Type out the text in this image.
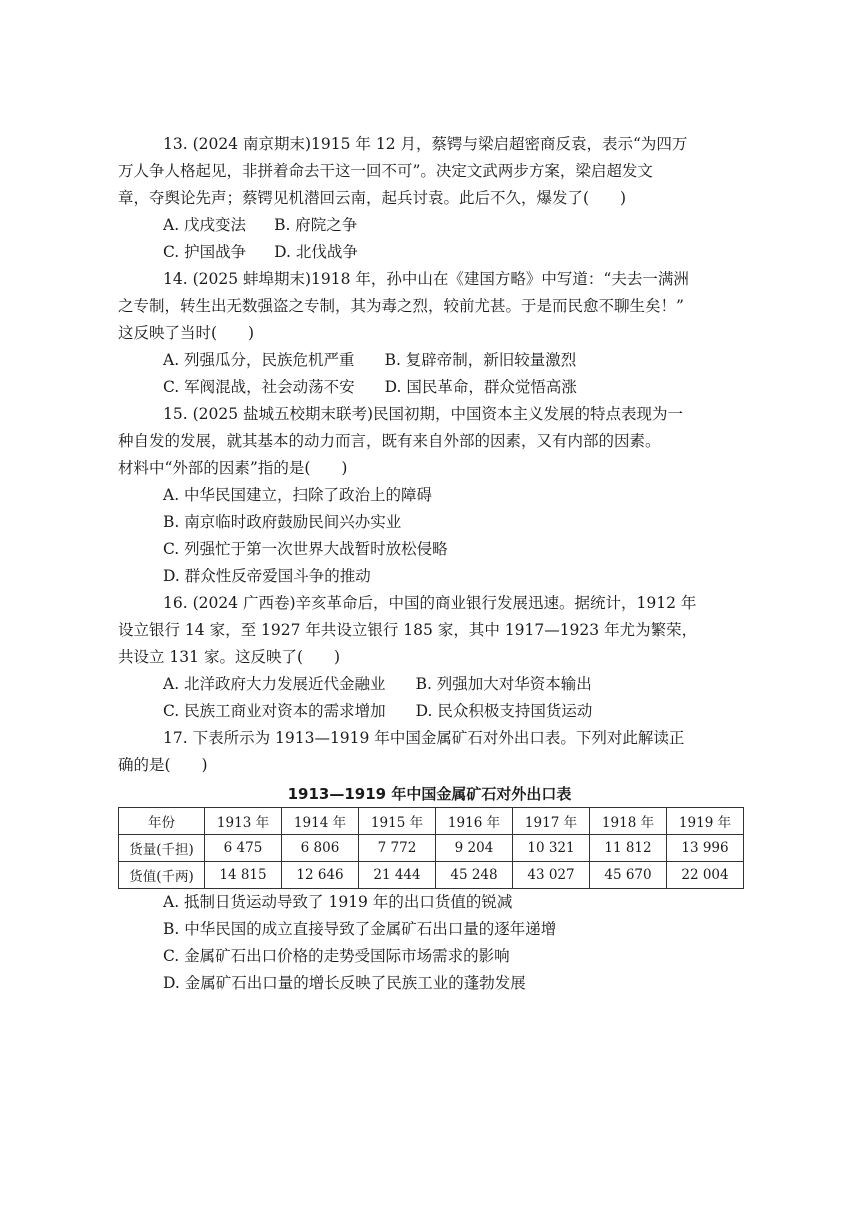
13. (2024 南京期末)1915 年 12 月，蔡锷与梁启超密商反袁，表示“为四万
万人争人格起见，非拼着命去干这一回不可”。决定文武两步方案，梁启超发文
章，夺舆论先声；蔡锷见机潜回云南，起兵讨袁。此后不久，爆发了(　　)
A. 戊戌变法 B. 府院之争
C. 护国战争 D. 北伐战争
14. (2025 蚌埠期末)1918 年，孙中山在《建国方略》中写道：“夫去一满洲
之专制，转生出无数强盗之专制，其为毒之烈，较前尤甚。于是而民愈不聊生矣！”
这反映了当时(　　)
A. 列强瓜分，民族危机严重 B. 复辟帝制，新旧较量激烈
C. 军阀混战，社会动荡不安 D. 国民革命，群众觉悟高涨
15. (2025 盐城五校期末联考)民国初期，中国资本主义发展的特点表现为一
种自发的发展，就其基本的动力而言，既有来自外部的因素，又有内部的因素。
材料中“外部的因素”指的是(　　)
A. 中华民国建立，扫除了政治上的障碍
B. 南京临时政府鼓励民间兴办实业
C. 列强忙于第一次世界大战暂时放松侵略
D. 群众性反帝爱国斗争的推动
16. (2024 广西卷)辛亥革命后，中国的商业银行发展迅速。据统计，1912 年
设立银行 14 家，至 1927 年共设立银行 185 家，其中 1917—1923 年尤为繁荣，
共设立 131 家。这反映了(　　)
A. 北洋政府大力发展近代金融业 B. 列强加大对华资本输出
C. 民族工商业对资本的需求增加 D. 民众积极支持国货运动
17. 下表所示为 1913—1919 年中国金属矿石对外出口表。下列对此解读正
确的是(　　)
1913—1919 年中国金属矿石对外出口表
年份	1913 年	1914 年	1915 年	1916 年	1917 年	1918 年	1919 年
货量(千担)	6 475	6 806	7 772	9 204	10 321	11 812	13 996
货值(千两)	14 815	12 646	21 444	45 248	43 027	45 670	22 004
A. 抵制日货运动导致了 1919 年的出口货值的锐减
B. 中华民国的成立直接导致了金属矿石出口量的逐年递增
C. 金属矿石出口价格的走势受国际市场需求的影响
D. 金属矿石出口量的增长反映了民族工业的蓬勃发展
